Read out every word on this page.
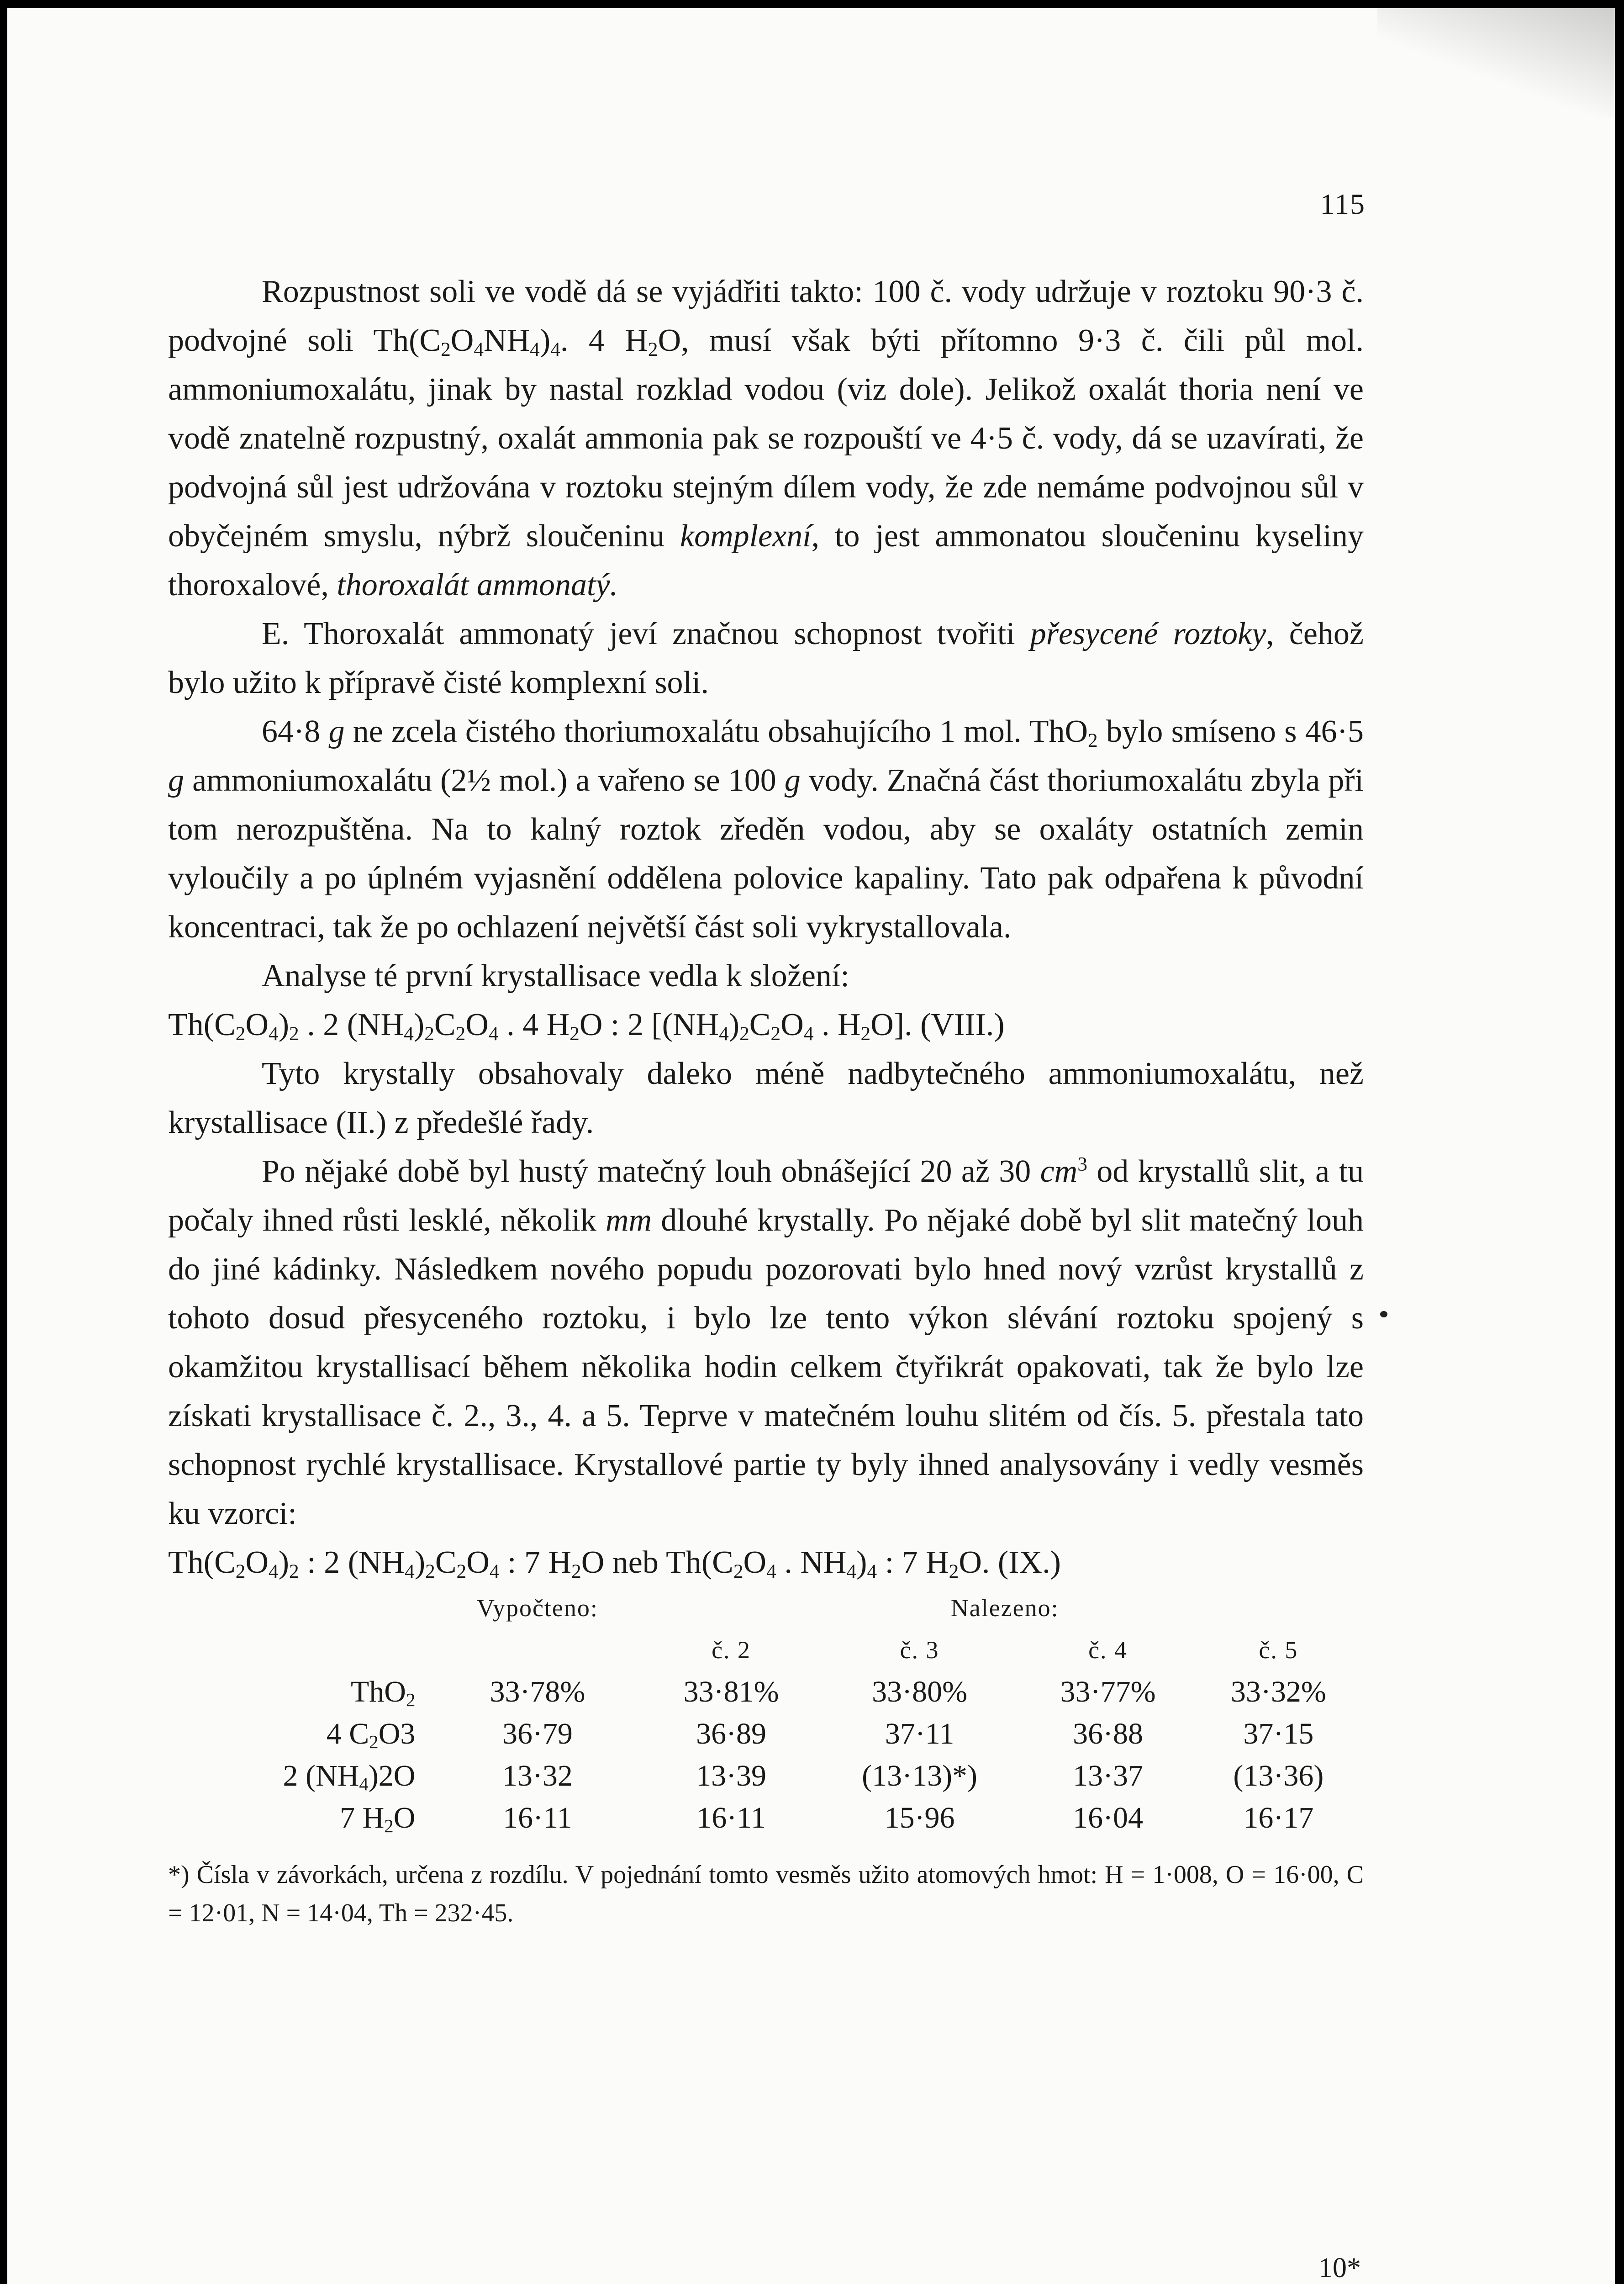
115

Rozpustnost soli ve vodě dá se vyjádřiti takto: 100 č. vody udržuje v roztoku 90·3 č. podvojné soli $Th(C_2O_4NH_4)_4$. 4 $H_2O$, musí však býti přítomno 9·3 č. čili půl mol. ammoniumoxalátu, jinak by nastal rozklad vodou (viz dole). Jelikož oxalát thoria není ve vodě znatelně rozpustný, oxalát ammonia pak se rozpouští ve 4·5 č. vody, dá se uzavírati, že podvojná sůl jest udržována v roztoku stejným dílem vody, že zde nemáme podvojnou sůl v obyčejném smyslu, nýbrž sloučeninu komplexní, to jest ammonatou sloučeninu kyseliny thoroxalové, thoroxalát ammonatý.

E. Thoroxalát ammonatý jeví značnou schopnost tvořiti přesycené roztoky, čehož bylo užito k přípravě čisté komplexní soli.

64·8 g ne zcela čistého thoriumoxalátu obsahujícího 1 mol. ThO$_2$ bylo smíseno s 46·5 g ammoniumoxalátu (2½ mol.) a vařeno se 100 g vody. Značná část thoriumoxalátu zbyla při tom nerozpuštěna. Na to kalný roztok zředěn vodou, aby se oxaláty ostatních zemin vyloučily a po úplném vyjasnění oddělena polovice kapaliny. Tato pak odpařena k původní koncentraci, tak že po ochlazení největší část soli vykrystallovala.

Analyse té první krystallisace vedla k složení:

$Th(C_2O_4)_2$ . 2 $(NH_4)_2C_2O_4$ . 4 $H_2O$ : 2 [$(NH_4)_2C_2O_4$ . $H_2O$]. (VIII.)

Tyto krystally obsahovaly daleko méně nadbytečného ammoniumoxalátu, než krystallisace (II.) z předešlé řady.

Po nějaké době byl hustý matečný louh obnášející 20 až 30 $cm^3$ od krystallů slit, a tu počaly ihned růsti lesklé, několik mm dlouhé krystally. Po nějaké době byl slit matečný louh do jiné kádinky. Následkem nového popudu pozorovati bylo hned nový vzrůst krystallů z tohoto dosud přesyceného roztoku, i bylo lze tento výkon slévání roztoku spojený s okamžitou krystallisací během několika hodin celkem čtyřikrát opakovati, tak že bylo lze získati krystallisace č. 2., 3., 4. a 5. Teprve v matečném louhu slitém od čís. 5. přestala tato schopnost rychlé krystallisace. Krystallové partie ty byly ihned analysovány i vedly vesměs ku vzorci:

$Th(C_2O_4)_2$ : 2 $(NH_4)_2C_2O_4$ : 7 $H_2O$ neb $Th(C_2O_4$ . $NH_4)_4$ : 7 $H_2O$. (IX.)

	Vypočteno:	Nalezeno:			
		č. 2	č. 3	č. 4	č. 5
ThO$_2$	33·78%	33·81%	33·80%	33·77%	33·32%
4 $C_2O3$	36·79	36·89	37·11	36·88	37·15
2 $(NH_4)2O$	13·32	13·39	(13·13)*)	13·37	(13·36)
7 $H_2O$	16·11	16·11	15·96	16·04	16·17

*) Čísla v závorkách, určena z rozdílu. V pojednání tomto vesměs užito atomových hmot: H = 1·008, O = 16·00, C = 12·01, N = 14·04, Th = 232·45.

10*
